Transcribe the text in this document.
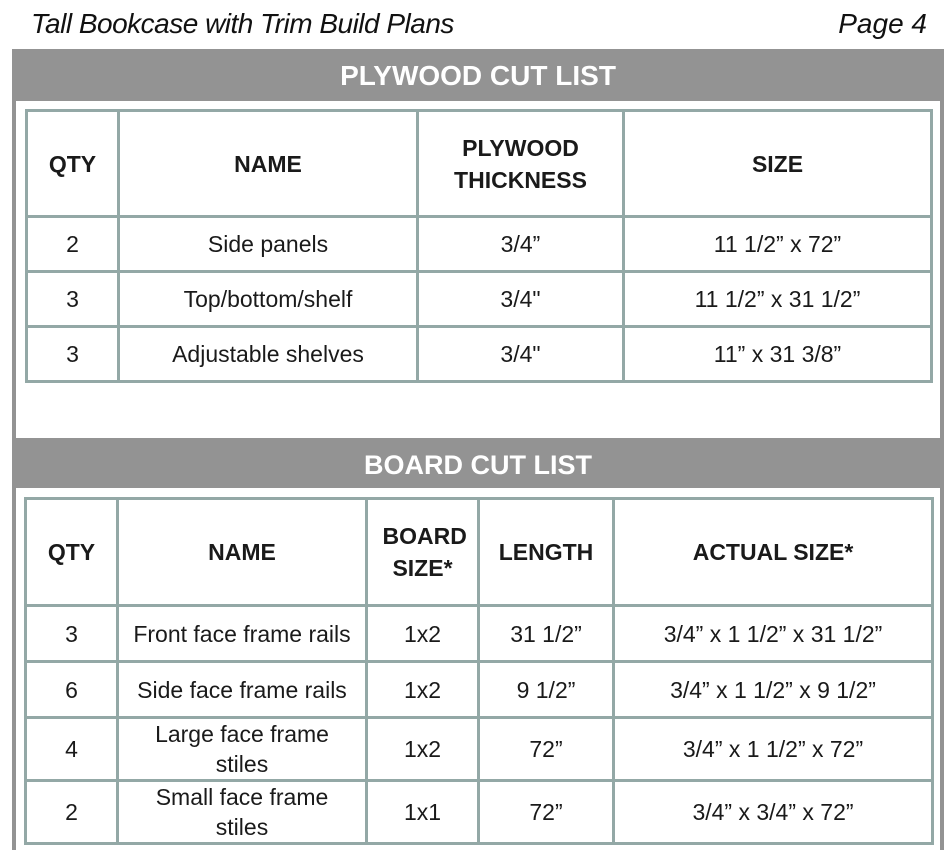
Tall Bookcase with Trim Build Plans	Page 4
PLYWOOD CUT LIST
QTY	NAME	PLYWOOD THICKNESS	SIZE
2	Side panels	3/4”	11 1/2” x 72”
3	Top/bottom/shelf	3/4"	11 1/2” x 31 1/2”
3	Adjustable shelves	3/4"	11” x 31 3/8”
BOARD CUT LIST
QTY	NAME	BOARD SIZE*	LENGTH	ACTUAL SIZE*
3	Front face frame rails	1x2	31 1/2”	3/4” x 1 1/2” x 31 1/2”
6	Side face frame rails	1x2	9 1/2”	3/4” x 1 1/2” x 9 1/2”
4	Large face frame stiles	1x2	72”	3/4” x 1 1/2” x 72”
2	Small face frame stiles	1x1	72”	3/4” x 3/4” x 72”
